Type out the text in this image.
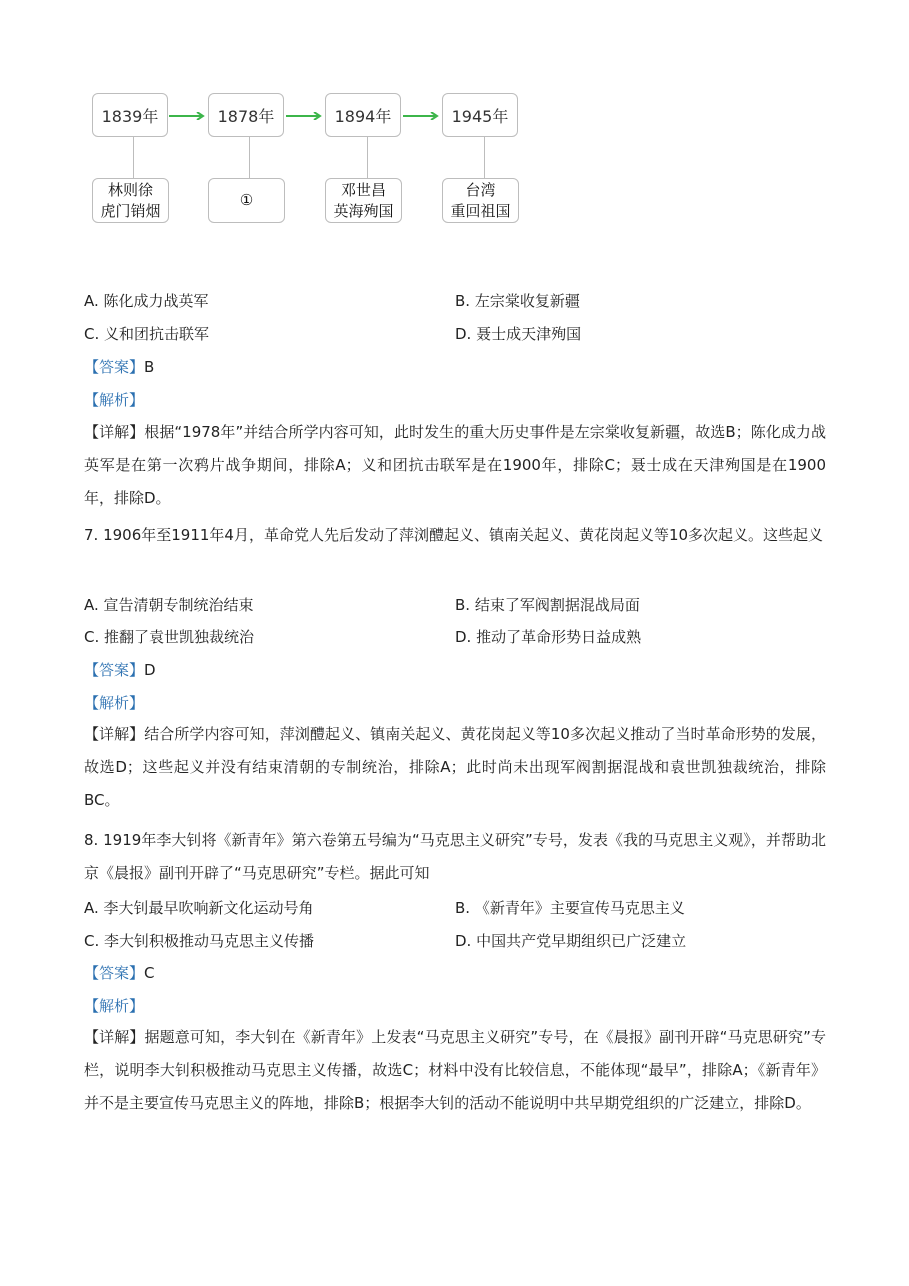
1839年	1878年	1894年	1945年
林则徐
虎门销烟
①
邓世昌
英海殉国
台湾
重回祖国
A. 陈化成力战英军	B. 左宗棠收复新疆
C. 义和团抗击联军	D. 聂士成天津殉国
【答案】B
【解析】
【详解】根据“1978年”并结合所学内容可知，此时发生的重大历史事件是左宗棠收复新疆，故选B；陈化成力战英军是在第一次鸦片战争期间，排除A；义和团抗击联军是在1900年，排除C；聂士成在天津殉国是在1900年，排除D。
7. 1906年至1911年4月，革命党人先后发动了萍浏醴起义、镇南关起义、黄花岗起义等10多次起义。这些起义
A. 宣告清朝专制统治结束	B. 结束了军阀割据混战局面
C. 推翻了袁世凯独裁统治	D. 推动了革命形势日益成熟
【答案】D
【解析】
【详解】结合所学内容可知，萍浏醴起义、镇南关起义、黄花岗起义等10多次起义推动了当时革命形势的发展，故选D；这些起义并没有结束清朝的专制统治，排除A；此时尚未出现军阀割据混战和袁世凯独裁统治，排除BC。
8. 1919年李大钊将《新青年》第六卷第五号编为“马克思主义研究”专号，发表《我的马克思主义观》，并帮助北京《晨报》副刊开辟了“马克思研究”专栏。据此可知
A. 李大钊最早吹响新文化运动号角	B. 《新青年》主要宣传马克思主义
C. 李大钊积极推动马克思主义传播	D. 中国共产党早期组织已广泛建立
【答案】C
【解析】
【详解】据题意可知，李大钊在《新青年》上发表“马克思主义研究”专号，在《晨报》副刊开辟“马克思研究”专栏，说明李大钊积极推动马克思主义传播，故选C；材料中没有比较信息，不能体现“最早”，排除A；《新青年》并不是主要宣传马克思主义的阵地，排除B；根据李大钊的活动不能说明中共早期党组织的广泛建立，排除D。
